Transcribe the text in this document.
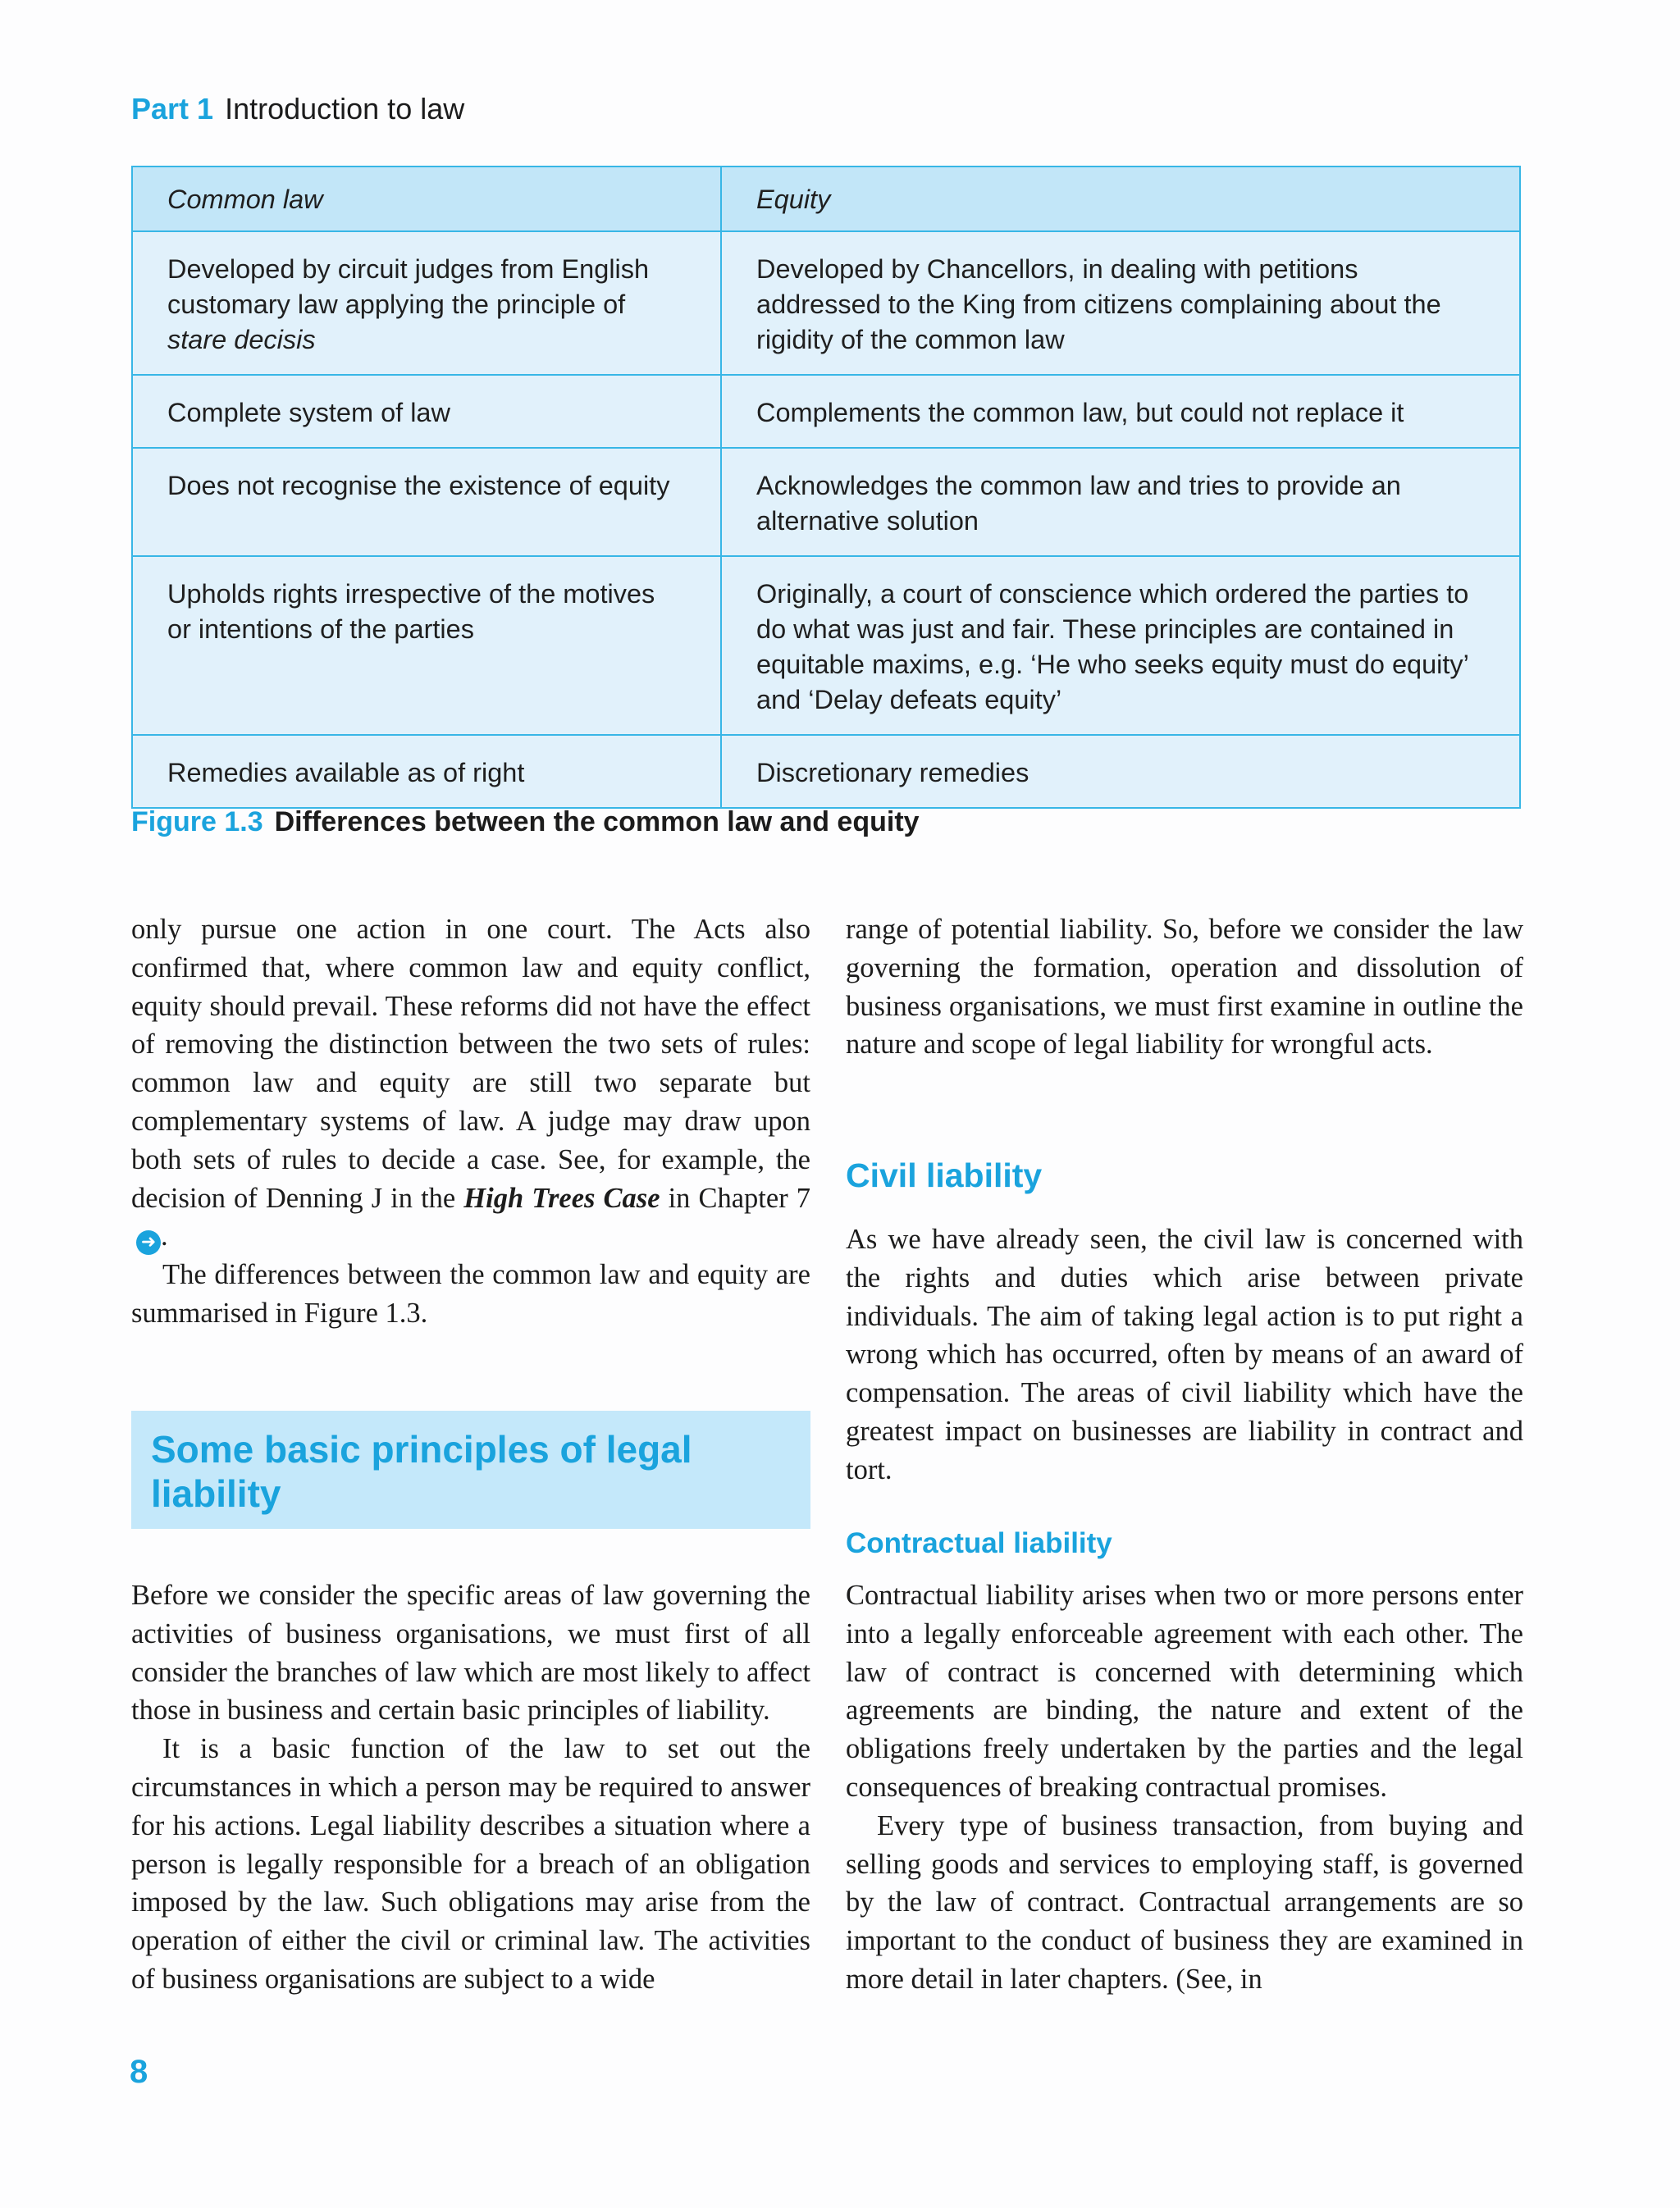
Part 1 Introduction to law
Common law	Equity
Developed by circuit judges from English customary law applying the principle of stare decisis	Developed by Chancellors, in dealing with petitions addressed to the King from citizens complaining about the rigidity of the common law
Complete system of law	Complements the common law, but could not replace it
Does not recognise the existence of equity	Acknowledges the common law and tries to provide an alternative solution
Upholds rights irrespective of the motives or intentions of the parties	Originally, a court of conscience which ordered the parties to do what was just and fair. These principles are contained in equitable maxims, e.g. ‘He who seeks equity must do equity’ and ‘Delay defeats equity’
Remedies available as of right	Discretionary remedies
Figure 1.3 Differences between the common law and equity

only pursue one action in one court. The Acts also confirmed that, where common law and equity conflict, equity should prevail. These reforms did not have the effect of removing the distinction between the two sets of rules: common law and equity are still two separate but complementary systems of law. A judge may draw upon both sets of rules to decide a case. See, for example, the decision of Denning J in the High Trees Case in Chapter 7➜ .

The differences between the common law and equity are summarised in Figure 1.3.

Some basic principles of legal liability

Before we consider the specific areas of law governing the activities of business organisations, we must first of all consider the branches of law which are most likely to affect those in business and certain basic principles of liability.

It is a basic function of the law to set out the circumstances in which a person may be required to answer for his actions. Legal liability describes a situation where a person is legally responsible for a breach of an obligation imposed by the law. Such obligations may arise from the operation of either the civil or criminal law. The activities of business organisations are subject to a wide

range of potential liability. So, before we consider the law governing the formation, operation and dissolution of business organisations, we must first examine in outline the nature and scope of legal liability for wrongful acts.

Civil liability

As we have already seen, the civil law is concerned with the rights and duties which arise between private individuals. The aim of taking legal action is to put right a wrong which has occurred, often by means of an award of compensation. The areas of civil liability which have the greatest impact on businesses are liability in contract and tort.

Contractual liability

Contractual liability arises when two or more persons enter into a legally enforceable agreement with each other. The law of contract is concerned with determining which agreements are binding, the nature and extent of the obligations freely undertaken by the parties and the legal consequences of breaking contractual promises.

Every type of business transaction, from buying and selling goods and services to employing staff, is governed by the law of contract. Contractual arrangements are so important to the conduct of business they are examined in more detail in later chapters. (See, in

8
